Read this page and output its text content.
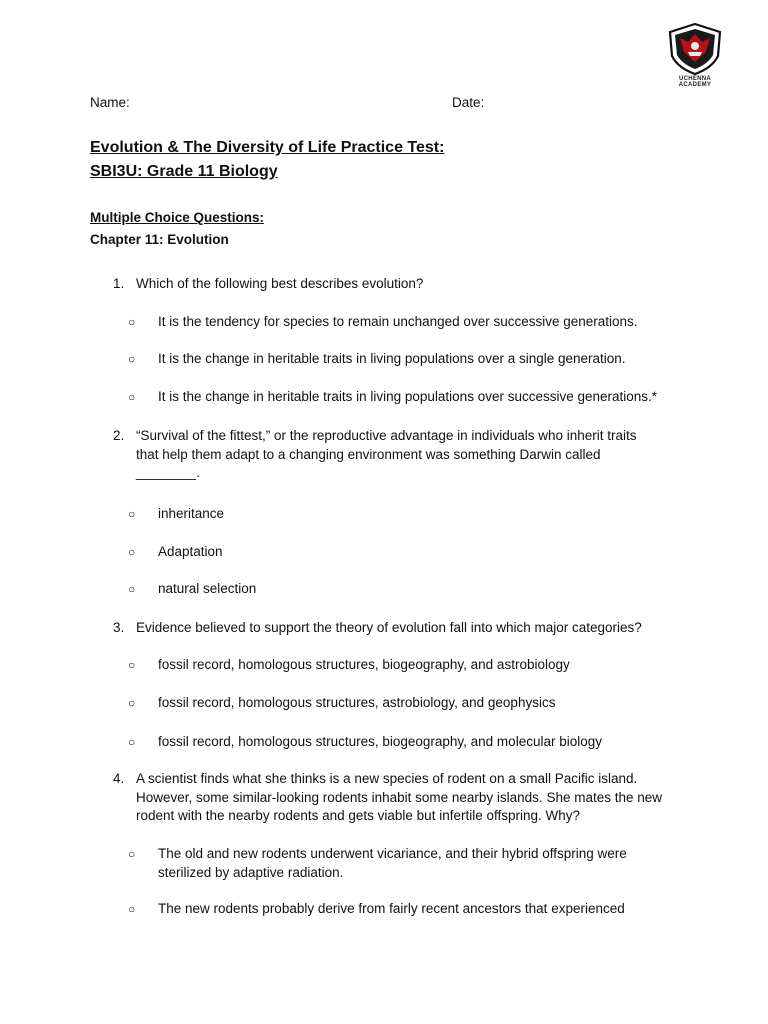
UCHENNA ACADEMY
Name:	Date:
Evolution & The Diversity of Life Practice Test:
SBI3U: Grade 11 Biology
Multiple Choice Questions:
Chapter 11: Evolution
1. Which of the following best describes evolution?
○ It is the tendency for species to remain unchanged over successive generations.
○ It is the change in heritable traits in living populations over a single generation.
○ It is the change in heritable traits in living populations over successive generations.*
2. “Survival of the fittest,” or the reproductive advantage in individuals who inherit traits
that help them adapt to a changing environment was something Darwin called
________.
○ inheritance
○ Adaptation
○ natural selection
3. Evidence believed to support the theory of evolution fall into which major categories?
○ fossil record, homologous structures, biogeography, and astrobiology
○ fossil record, homologous structures, astrobiology, and geophysics
○ fossil record, homologous structures, biogeography, and molecular biology
4. A scientist finds what she thinks is a new species of rodent on a small Pacific island.
However, some similar-looking rodents inhabit some nearby islands. She mates the new
rodent with the nearby rodents and gets viable but infertile offspring. Why?
○ The old and new rodents underwent vicariance, and their hybrid offspring were
sterilized by adaptive radiation.
○ The new rodents probably derive from fairly recent ancestors that experienced
